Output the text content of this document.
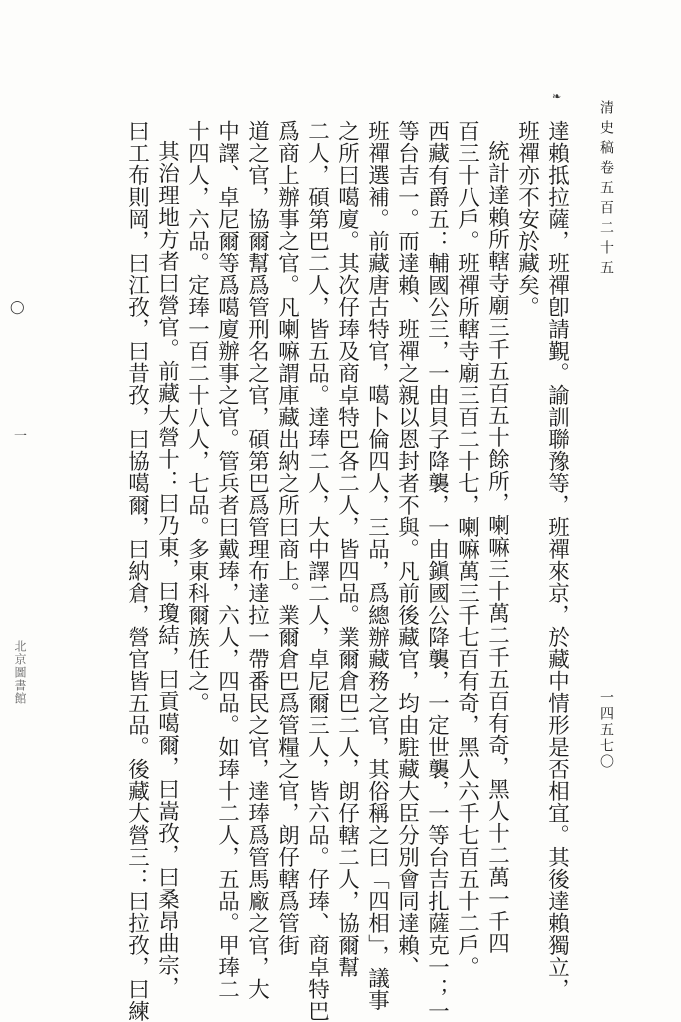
清史稿卷五百二十五
一四五七〇
達賴抵拉薩，班禪卽請覲。諭訓聯豫等，班禪來京，於藏中情形是否相宜。其後達賴獨立，
班禪亦不安於藏矣。
統計達賴所轄寺廟三千五百五十餘所，喇嘛三十萬二千五百有奇，黑人十二萬一千四
百三十八戶。班禪所轄寺廟三百二十七，喇嘛萬三千七百有奇，黑人六千七百五十二戶。
西藏有爵五：輔國公三，一由貝子降襲，一由鎭國公降襲，一定世襲，一等台吉扎薩克一；一
等台吉一。而達賴、班禪之親以恩封者不與。凡前後藏官，均由駐藏大臣分別會同達賴、
班禪選補。前藏唐古特官，噶卜倫四人，三品，爲總辦藏務之官，其俗稱之曰「四相」，議事
之所曰噶廈。其次仔琫及商卓特巴各二人，皆四品。業爾倉巴二人，朗仔轄二人，協爾幫
二人，碩第巴二人，皆五品。達琫二人，大中譯二人，卓尼爾三人，皆六品。仔琫、商卓特巴
爲商上辦事之官。凡喇嘛謂庫藏出納之所曰商上。業爾倉巴爲管糧之官，朗仔轄爲管街
道之官，協爾幫爲管刑名之官，碩第巴爲管理布達拉一帶番民之官，達琫爲管馬廠之官，大
中譯、卓尼爾等爲噶廈辦事之官。管兵者曰戴琫，六人，四品。如琫十二人，五品。甲琫二
十四人，六品。定琫一百二十八人，七品。多東科爾族任之。
其治理地方者曰營官。前藏大營十：曰乃東，曰瓊結，曰貢噶爾，曰嵩孜，曰桑昂曲宗，
曰工布則岡，曰江孜，曰昔孜，曰協噶爾，曰納倉，營官皆五品。後藏大營三：曰拉孜，曰練
❧
◯
一
北京圖書館
